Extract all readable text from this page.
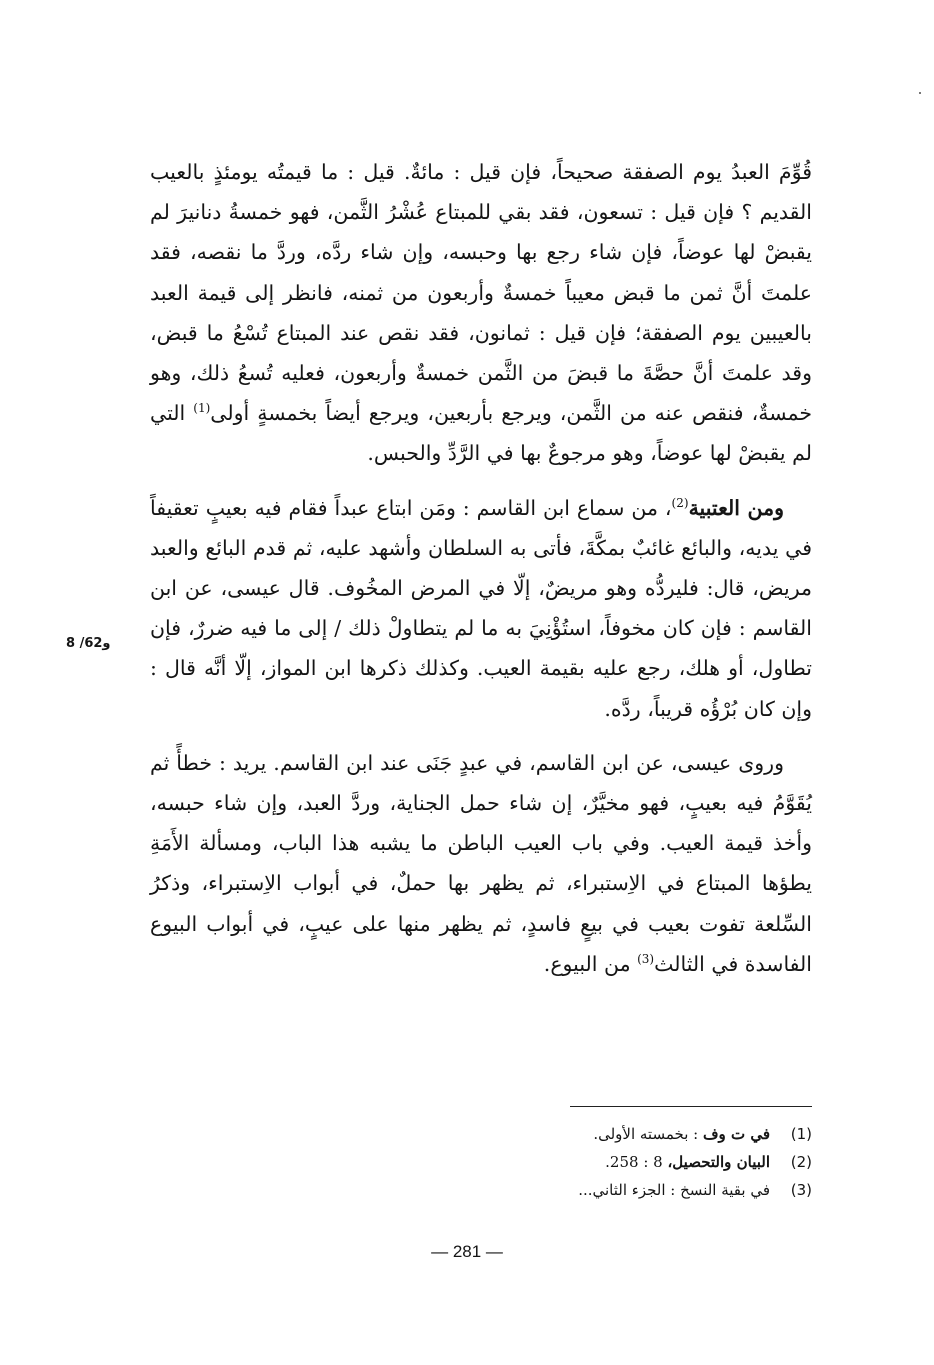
قُوِّمَ العبدُ يوم الصفقة صحيحاً، فإن قيل : مائةٌ. قيل : ما قيمتُه يومئذٍ بالعيب القديم ؟ فإن قيل : تسعون، فقد بقي للمبتاع عُشْرُ الثَّمن، فهو خمسةُ دنانيرَ لم يقبضْ لها عوضاً، فإن شاء رجع بها وحبسه، وإن شاء ردَّه، وردَّ ما نقصه، فقد علمتَ أنَّ ثمن ما قبض معيباً خمسةٌ وأربعون من ثمنه، فانظر إلى قيمة العبد بالعيبين يوم الصفقة؛ فإن قيل : ثمانون، فقد نقص عند المبتاع تُسْعُ ما قبض، وقد علمتَ أنَّ حصَّةَ ما قبضَ من الثَّمن خمسةٌ وأربعون، فعليه تُسعُ ذلك، وهو خمسةٌ، فنقص عنه من الثَّمن، ويرجع بأربعين، ويرجع أيضاً بخمسةٍ أولى$^{(1)}$ التي لم يقبضْ لها عوضاً، وهو مرجوعٌ بها في الرَّدِّ والحبس.

ومن العتبية$^{(2)}$، من سماع ابن القاسم : ومَن ابتاع عبداً فقام فيه بعيبٍ تعقيفاً في يديه، والبائع غائبٌ بمكَّةَ، فأتى به السلطان وأشهد عليه، ثم قدم البائع والعبد مريض، قال: فليردُّه وهو مريضٌ، إلّا في المرض المخُوف. قال عيسى، عن ابن القاسم : فإن كان مخوفاً، استُؤْنِيَ به ما لم يتطاولْ ذلك / إلى ما فيه ضررٌ، فإن تطاول، أو هلك، رجع عليه بقيمة العيب. وكذلك ذكرها ابن المواز، إلّا أنَّه قال : وإن كان بُرْؤُه قريباً، ردَّه.

وروى عيسى، عن ابن القاسم، في عبدٍ جَنَى عند ابن القاسم. يريد : خطأً ثم يُقَوَّمُ فيه بعيبٍ، فهو مخيَّرٌ، إن شاء حمل الجناية، وردَّ العبد، وإن شاء حبسه، وأخذ قيمة العيب. وفي باب العيب الباطن ما يشبه هذا الباب، ومسألة الأَمَةِ يطؤها المبتاع في الاِستبراء، ثم يظهر بها حملٌ، في أبواب الاِستبراء، وذكرُ السِّلعة تفوت بعيب في بيعٍ فاسدٍ، ثم يظهر منها على عيبٍ، في أبواب البيوع الفاسدة في الثالث$^{(3)}$ من البيوع.

8 /62و
(1)
في ت وف : بخمسته الأولى.
(2)
البيان والتحصيل، 8 : 258.
(3)
في بقية النسخ : الجزء الثاني...
— 281 —
